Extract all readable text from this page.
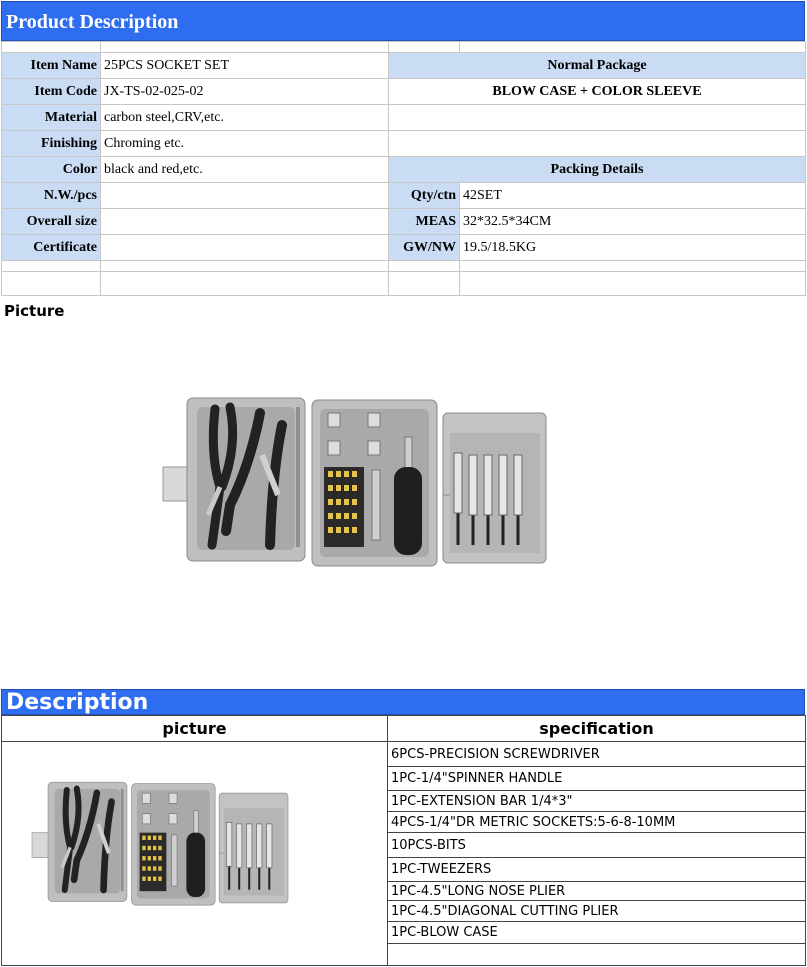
Product Description

Item Name	25PCS SOCKET SET	Normal Package	
Item Code	JX-TS-02-025-02	BLOW CASE + COLOR SLEEVE	
Material	carbon steel,CRV,etc.		
Finishing	Chroming etc.		
Color	black and red,etc.	Packing Details	
N.W./pcs		Qty/ctn	42SET
Overall size		MEAS	32*32.5*34CM
Certificate		GW/NW	19.5/18.5KG

Picture
Description
picture	specification

	6PCS-PRECISION SCREWDRIVER
	1PC-1/4"SPINNER HANDLE
	1PC-EXTENSION BAR 1/4*3"
	4PCS-1/4"DR METRIC SOCKETS:5-6-8-10MM
	10PCS-BITS
	1PC-TWEEZERS
	1PC-4.5"LONG NOSE PLIER
	1PC-4.5"DIAGONAL CUTTING PLIER
	1PC-BLOW CASE
